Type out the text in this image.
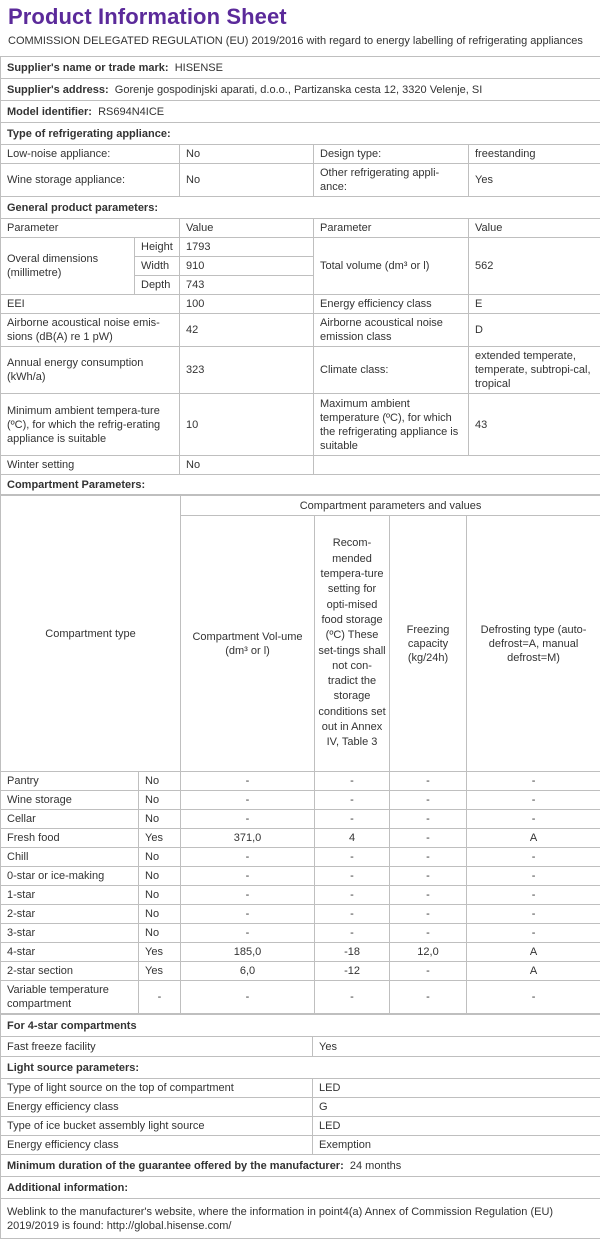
Product Information Sheet
COMMISSION DELEGATED REGULATION (EU) 2019/2016 with regard to energy labelling of refrigerating appliances
Supplier's name or trade mark: HISENSE				
Supplier's address: Gorenje gospodinjski aparati, d.o.o., Partizanska cesta 12, 3320 Velenje, SI				
Model identifier: RS694N4ICE				
Type of refrigerating appliance:				
Low-noise appliance:		No	Design type:	freestanding
Wine storage appliance:		No	Other refrigerating appli-ance:	Yes
General product parameters:				
Parameter		Value	Parameter	Value
Overal dimensions (millimetre)	Height	1793	Total volume (dm³ or l)	562
	Width	910		
	Depth	743		
EEI		100	Energy efficiency class	E
Airborne acoustical noise emis-sions (dB(A) re 1 pW)		42	Airborne acoustical noise emission class	D
Annual energy consumption (kWh/a)		323	Climate class:	extended temperate, temperate, subtropi-cal, tropical
Minimum ambient tempera-ture (ºC), for which the refrig-erating appliance is suitable		10	Maximum ambient temperature (ºC), for which the refrigerating appliance is suitable	43
Winter setting		No		
Compartment Parameters:				
Compartment type		Compartment parameters and values			
		Compartment Vol-ume (dm³ or l)	Recom-mended tempera-ture setting for opti-mised food storage (ºC) These set-tings shall not con-tradict the storage conditions set out in Annex IV, Table 3	Freezing capacity (kg/24h)	Defrosting type (auto-defrost=A, manual defrost=M)
Pantry	No	-	-	-	-
Wine storage	No	-	-	-	-
Cellar	No	-	-	-	-
Fresh food	Yes	371,0	4	-	A
Chill	No	-	-	-	-
0-star or ice-making	No	-	-	-	-
1-star	No	-	-	-	-
2-star	No	-	-	-	-
3-star	No	-	-	-	-
4-star	Yes	185,0	-18	12,0	A
2-star section	Yes	6,0	-12	-	A
Variable temperature compartment	-	-	-	-	-
For 4-star compartments	
Fast freeze facility	Yes
Light source parameters:	
Type of light source on the top of compartment	LED
Energy efficiency class	G
Type of ice bucket assembly light source	LED
Energy efficiency class	Exemption
Minimum duration of the guarantee offered by the manufacturer: 24 months	
Additional information:	
Weblink to the manufacturer's website, where the information in point4(a) Annex of Commission Regulation (EU) 2019/2019 is found: http://global.hisense.com/	
